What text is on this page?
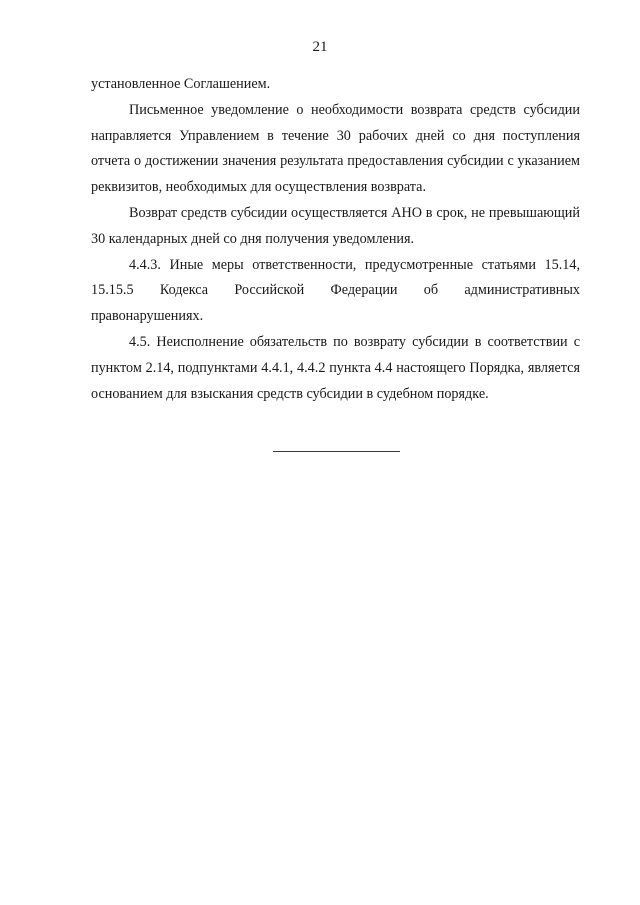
21

установленное Соглашением.

Письменное уведомление о необходимости возврата средств субсидии направляется Управлением в течение 30 рабочих дней со дня поступления отчета о достижении значения результата предоставления субсидии с указанием реквизитов, необходимых для осуществления возврата.

Возврат средств субсидии осуществляется АНО в срок, не превышающий 30 календарных дней со дня получения уведомления.

4.4.3. Иные меры ответственности, предусмотренные статьями 15.14, 15.15.5 Кодекса Российской Федерации об административных правонарушениях.

4.5. Неисполнение обязательств по возврату субсидии в соответствии с пунктом 2.14, подпунктами 4.4.1, 4.4.2 пункта 4.4 настоящего Порядка, является основанием для взыскания средств субсидии в судебном порядке.
